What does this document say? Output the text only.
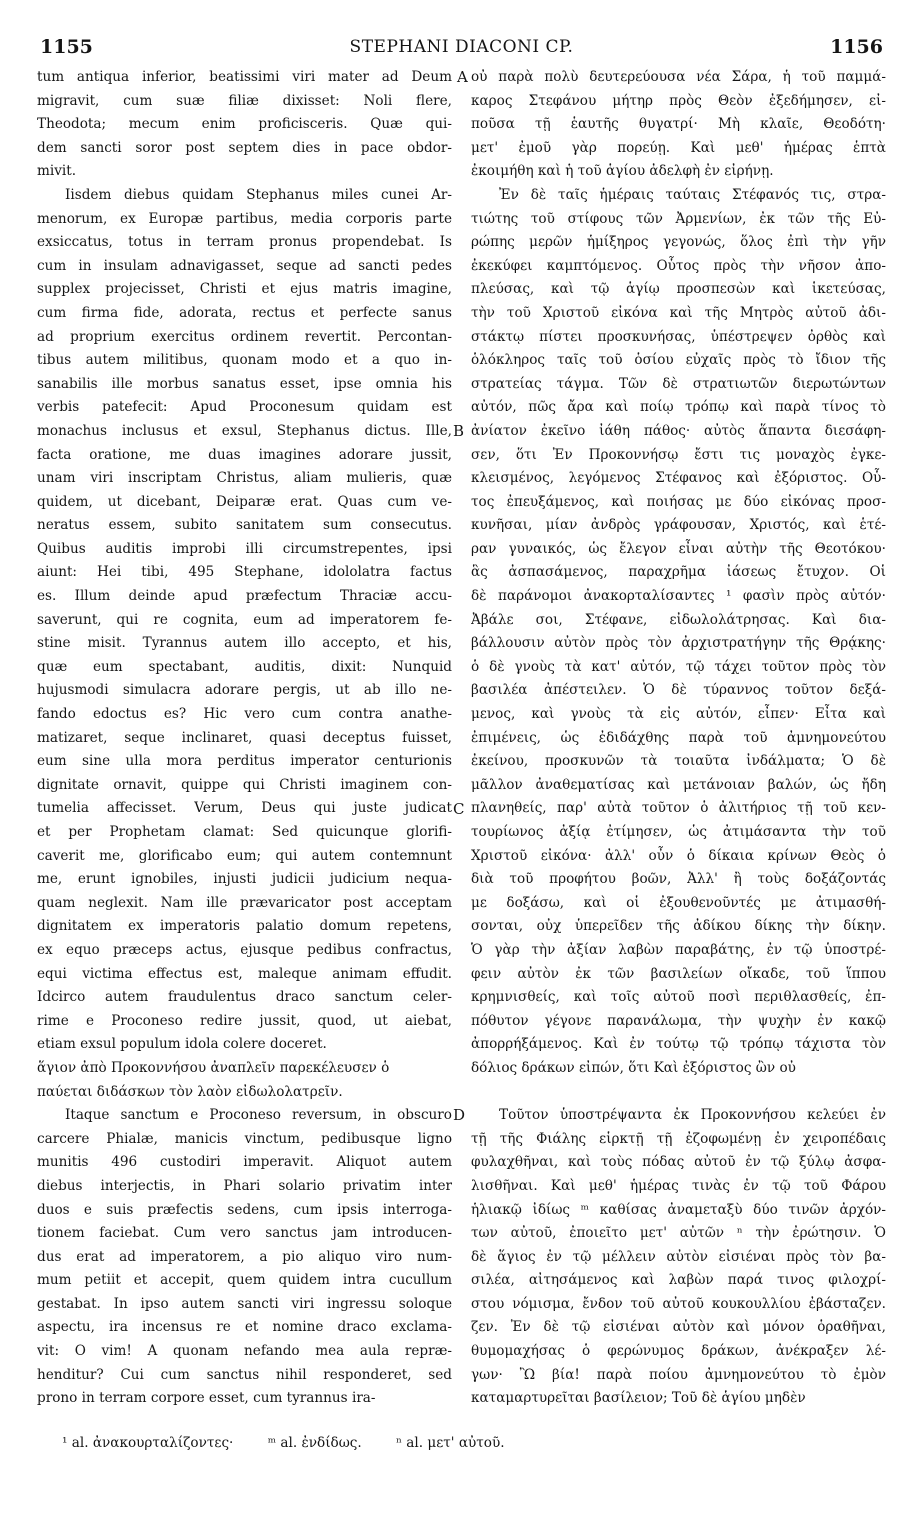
1155	STEPHANI DIACONI CP.	1156
A
tum antiqua inferior, beatissimi viri mater ad Deum
migravit, cum suæ filiæ dixisset: Noli flere,
Theodota; mecum enim proficisceris. Quæ qui-
dem sancti soror post septem dies in pace obdor-
mivit.
Iisdem diebus quidam Stephanus miles cunei Ar-
menorum, ex Europæ partibus, media corporis parte
exsiccatus, totus in terram pronus propendebat. Is
cum in insulam adnavigasset, seque ad sancti pedes
supplex projecisset, Christi et ejus matris imagine,
cum firma fide, adorata, rectus et perfecte sanus
ad proprium exercitus ordinem revertit. Percontan-
tibus autem militibus, quonam modo et a quo in-
sanabilis ille morbus sanatus esset, ipse omnia his
verbis patefecit: Apud Proconesum quidam est
monachus inclusus et exsul, Stephanus dictus. Ille,
facta oratione, me duas imagines adorare jussit,
unam viri inscriptam Christus, aliam mulieris, quæ
quidem, ut dicebant, Deiparæ erat. Quas cum ve-
neratus essem, subito sanitatem sum consecutus.
Quibus auditis improbi illi circumstrepentes, ipsi
aiunt: Hei tibi, 495 Stephane, idololatra factus
es. Illum deinde apud præfectum Thraciæ accu-
saverunt, qui re cognita, eum ad imperatorem fe-
stine misit. Tyrannus autem illo accepto, et his,
quæ eum spectabant, auditis, dixit: Nunquid
hujusmodi simulacra adorare pergis, ut ab illo ne-
fando edoctus es? Hic vero cum contra anathe-
matizaret, seque inclinaret, quasi deceptus fuisset,
eum sine ulla mora perditus imperator centurionis
dignitate ornavit, quippe qui Christi imaginem con-
tumelia affecisset. Verum, Deus qui juste judicat
et per Prophetam clamat: Sed quicunque glorifi-
caverit me, glorificabo eum; qui autem contemnunt
me, erunt ignobiles, injusti judicii judicium nequa-
quam neglexit. Nam ille prævaricator post acceptam
dignitatem ex imperatoris palatio domum repetens,
ex equo præceps actus, ejusque pedibus confractus,
equi victima effectus est, maleque animam effudit.
Idcirco autem fraudulentus draco sanctum celer-
rime e Proconeso redire jussit, quod, ut aiebat,
etiam exsul populum idola colere doceret.
ἅγιον ἀπὸ Προκοννήσου ἀναπλεῖν παρεκέλευσεν ὁ
παύεται διδάσκων τὸν λαὸν εἰδωλολατρεῖν.
Itaque sanctum e Proconeso reversum, in obscuro
carcere Phialæ, manicis vinctum, pedibusque ligno
munitis 496 custodiri imperavit. Aliquot autem
diebus interjectis, in Phari solario privatim inter
duos e suis præfectis sedens, cum ipsis interroga-
tionem faciebat. Cum vero sanctus jam introducen-
dus erat ad imperatorem, a pio aliquo viro num-
mum petiit et accepit, quem quidem intra cucullum
gestabat. In ipso autem sancti viri ingressu soloque
aspectu, ira incensus re et nomine draco exclama-
vit: O vim! A quonam nefando mea aula repræ-
henditur? Cui cum sanctus nihil responderet, sed
prono in terram corpore esset, cum tyrannus ira-
B
C
D
οὐ παρὰ πολὺ δευτερεύουσα νέα Σάρα, ἡ τοῦ παμμά-
καρος Στεφάνου μήτηρ πρὸς Θεὸν ἐξεδήμησεν, εἰ-
ποῦσα τῇ ἑαυτῆς θυγατρί· Μὴ κλαῖε, Θεοδότη·
μετ' ἐμοῦ γὰρ πορεύῃ. Καὶ μεθ' ἡμέρας ἑπτὰ
ἐκοιμήθη καὶ ἡ τοῦ ἁγίου ἀδελφὴ ἐν εἰρήνῃ.
Ἐν δὲ ταῖς ἡμέραις ταύταις Στέφανός τις, στρα-
τιώτης τοῦ στίφους τῶν Ἀρμενίων, ἐκ τῶν τῆς Εὐ-
ρώπης μερῶν ἡμίξηρος γεγονώς, ὅλος ἐπὶ τὴν γῆν
ἐκεκύφει καμπτόμενος. Οὗτος πρὸς τὴν νῆσον ἀπο-
πλεύσας, καὶ τῷ ἁγίῳ προσπεσὼν καὶ ἱκετεύσας,
τὴν τοῦ Χριστοῦ εἰκόνα καὶ τῆς Μητρὸς αὐτοῦ ἀδι-
στάκτῳ πίστει προσκυνήσας, ὑπέστρεψεν ὀρθὸς καὶ
ὁλόκληρος ταῖς τοῦ ὁσίου εὐχαῖς πρὸς τὸ ἴδιον τῆς
στρατείας τάγμα. Τῶν δὲ στρατιωτῶν διερωτώντων
αὐτόν, πῶς ἄρα καὶ ποίῳ τρόπῳ καὶ παρὰ τίνος τὸ
ἀνίατον ἐκεῖνο ἰάθη πάθος· αὐτὸς ἅπαντα διεσάφη-
σεν, ὅτι Ἐν Προκοννήσῳ ἔστι τις μοναχὸς ἐγκε-
κλεισμένος, λεγόμενος Στέφανος καὶ ἐξόριστος. Οὗ-
τος ἐπευξάμενος, καὶ ποιήσας με δύο εἰκόνας προσ-
κυνῆσαι, μίαν ἀνδρὸς γράφουσαν, Χριστός, καὶ ἑτέ-
ραν γυναικός, ὡς ἔλεγον εἶναι αὐτὴν τῆς Θεοτόκου·
ἃς ἀσπασάμενος, παραχρῆμα ἰάσεως ἔτυχον. Οἱ
δὲ παράνομοι ἀνακορταλίσαντες ¹ φασὶν πρὸς αὐτόν·
Ἀβάλε σοι, Στέφανε, εἰδωλολάτρησας. Καὶ δια-
βάλλουσιν αὐτὸν πρὸς τὸν ἀρχιστρατήγην τῆς Θρᾴκης·
ὁ δὲ γνοὺς τὰ κατ' αὐτόν, τῷ τάχει τοῦτον πρὸς τὸν
βασιλέα ἀπέστειλεν. Ὁ δὲ τύραννος τοῦτον δεξά-
μενος, καὶ γνοὺς τὰ εἰς αὐτόν, εἶπεν· Εἶτα καὶ
ἐπιμένεις, ὡς ἐδιδάχθης παρὰ τοῦ ἀμνημονεύτου
ἐκείνου, προσκυνῶν τὰ τοιαῦτα ἰνδάλματα; Ὁ δὲ
μᾶλλον ἀναθεματίσας καὶ μετάνοιαν βαλών, ὡς ἤδη
πλανηθείς, παρ' αὐτὰ τοῦτον ὁ ἀλιτήριος τῇ τοῦ κεν-
τουρίωνος ἀξίᾳ ἐτίμησεν, ὡς ἀτιμάσαντα τὴν τοῦ
Χριστοῦ εἰκόνα· ἀλλ' οὖν ὁ δίκαια κρίνων Θεὸς ὁ
διὰ τοῦ προφήτου βοῶν, Ἀλλ' ἢ τοὺς δοξάζοντάς
με δοξάσω, καὶ οἱ ἐξουθενοῦντές με ἀτιμασθή-
σονται, οὐχ ὑπερεῖδεν τῆς ἀδίκου δίκης τὴν δίκην.
Ὁ γὰρ τὴν ἀξίαν λαβὼν παραβάτης, ἐν τῷ ὑποστρέ-
φειν αὐτὸν ἐκ τῶν βασιλείων οἴκαδε, τοῦ ἵππου
κρημνισθείς, καὶ τοῖς αὐτοῦ ποσὶ περιθλασθείς, ἐπ-
πόθυτον γέγονε παρανάλωμα, τὴν ψυχὴν ἐν κακῷ
ἀπορρήξάμενος. Καὶ ἐν τούτῳ τῷ τρόπῳ τάχιστα τὸν
δόλιος δράκων εἰπών, ὅτι Καὶ ἐξόριστος ὢν οὐ
Τοῦτον ὑποστρέψαντα ἐκ Προκοννήσου κελεύει ἐν
τῇ τῆς Φιάλης εἱρκτῇ τῇ ἐζοφωμένῃ ἐν χειροπέδαις
φυλαχθῆναι, καὶ τοὺς πόδας αὐτοῦ ἐν τῷ ξύλῳ ἀσφα-
λισθῆναι. Καὶ μεθ' ἡμέρας τινὰς ἐν τῷ τοῦ Φάρου
ἡλιακῷ ἰδίως ᵐ καθίσας ἀναμεταξὺ δύο τινῶν ἀρχόν-
των αὐτοῦ, ἐποιεῖτο μετ' αὐτῶν ⁿ τὴν ἐρώτησιν. Ὁ
δὲ ἅγιος ἐν τῷ μέλλειν αὐτὸν εἰσιέναι πρὸς τὸν βα-
σιλέα, αἰτησάμενος καὶ λαβὼν παρά τινος φιλοχρί-
στου νόμισμα, ἔνδον τοῦ αὐτοῦ κουκουλλίου ἐβάσταζεν.
ζεν. Ἐν δὲ τῷ εἰσιέναι αὐτὸν καὶ μόνον ὁραθῆναι,
θυμομαχήσας ὁ φερώνυμος δράκων, ἀνέκραξεν λέ-
γων· Ὢ βία! παρὰ ποίου ἀμνημονεύτου τὸ ἐμὸν
καταμαρτυρεῖται βασίλειον; Τοῦ δὲ ἁγίου μηδὲν
¹ al. ἀνακουρταλίζοντες·	ᵐ al. ἐνδίδως.	ⁿ al. μετ' αὐτοῦ.
